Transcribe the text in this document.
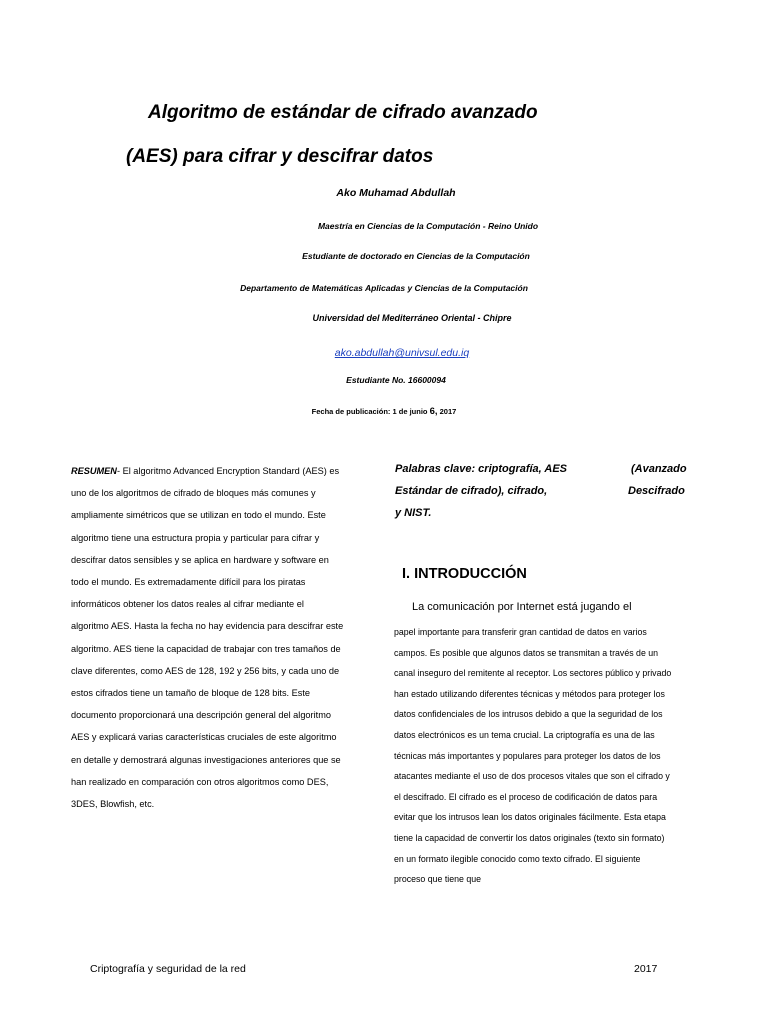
Algoritmo de estándar de cifrado avanzado
(AES) para cifrar y descifrar datos
Ako Muhamad Abdullah
Maestría en Ciencias de la Computación - Reino Unido
Estudiante de doctorado en Ciencias de la Computación
Departamento de Matemáticas Aplicadas y Ciencias de la Computación
Universidad del Mediterráneo Oriental - Chipre
ako.abdullah@univsul.edu.iq
Estudiante No. 16600094
Fecha de publicación: 1 de junio 6, 2017
RESUMEN- El algoritmo Advanced Encryption Standard (AES) es
uno de los algoritmos de cifrado de bloques más comunes y
ampliamente simétricos que se utilizan en todo el mundo. Este
algoritmo tiene una estructura propia y particular para cifrar y
descifrar datos sensibles y se aplica en hardware y software en
todo el mundo. Es extremadamente difícil para los piratas
informáticos obtener los datos reales al cifrar mediante el
algoritmo AES. Hasta la fecha no hay evidencia para descifrar este
algoritmo. AES tiene la capacidad de trabajar con tres tamaños de
clave diferentes, como AES de 128, 192 y 256 bits, y cada uno de
estos cifrados tiene un tamaño de bloque de 128 bits. Este
documento proporcionará una descripción general del algoritmo
AES y explicará varias características cruciales de este algoritmo
en detalle y demostrará algunas investigaciones anteriores que se
han realizado en comparación con otros algoritmos como DES,
3DES, Blowfish, etc.
Palabras clave: criptografía, AES	(Avanzado
Estándar de cifrado), cifrado,	Descifrado
y NIST.
I. INTRODUCCIÓN
La comunicación por Internet está jugando el
papel importante para transferir gran cantidad de datos en varios
campos. Es posible que algunos datos se transmitan a través de un
canal inseguro del remitente al receptor. Los sectores público y privado
han estado utilizando diferentes técnicas y métodos para proteger los
datos confidenciales de los intrusos debido a que la seguridad de los
datos electrónicos es un tema crucial. La criptografía es una de las
técnicas más importantes y populares para proteger los datos de los
atacantes mediante el uso de dos procesos vitales que son el cifrado y
el descifrado. El cifrado es el proceso de codificación de datos para
evitar que los intrusos lean los datos originales fácilmente. Esta etapa
tiene la capacidad de convertir los datos originales (texto sin formato)
en un formato ilegible conocido como texto cifrado. El siguiente
proceso que tiene que
Criptografía y seguridad de la red	2017
